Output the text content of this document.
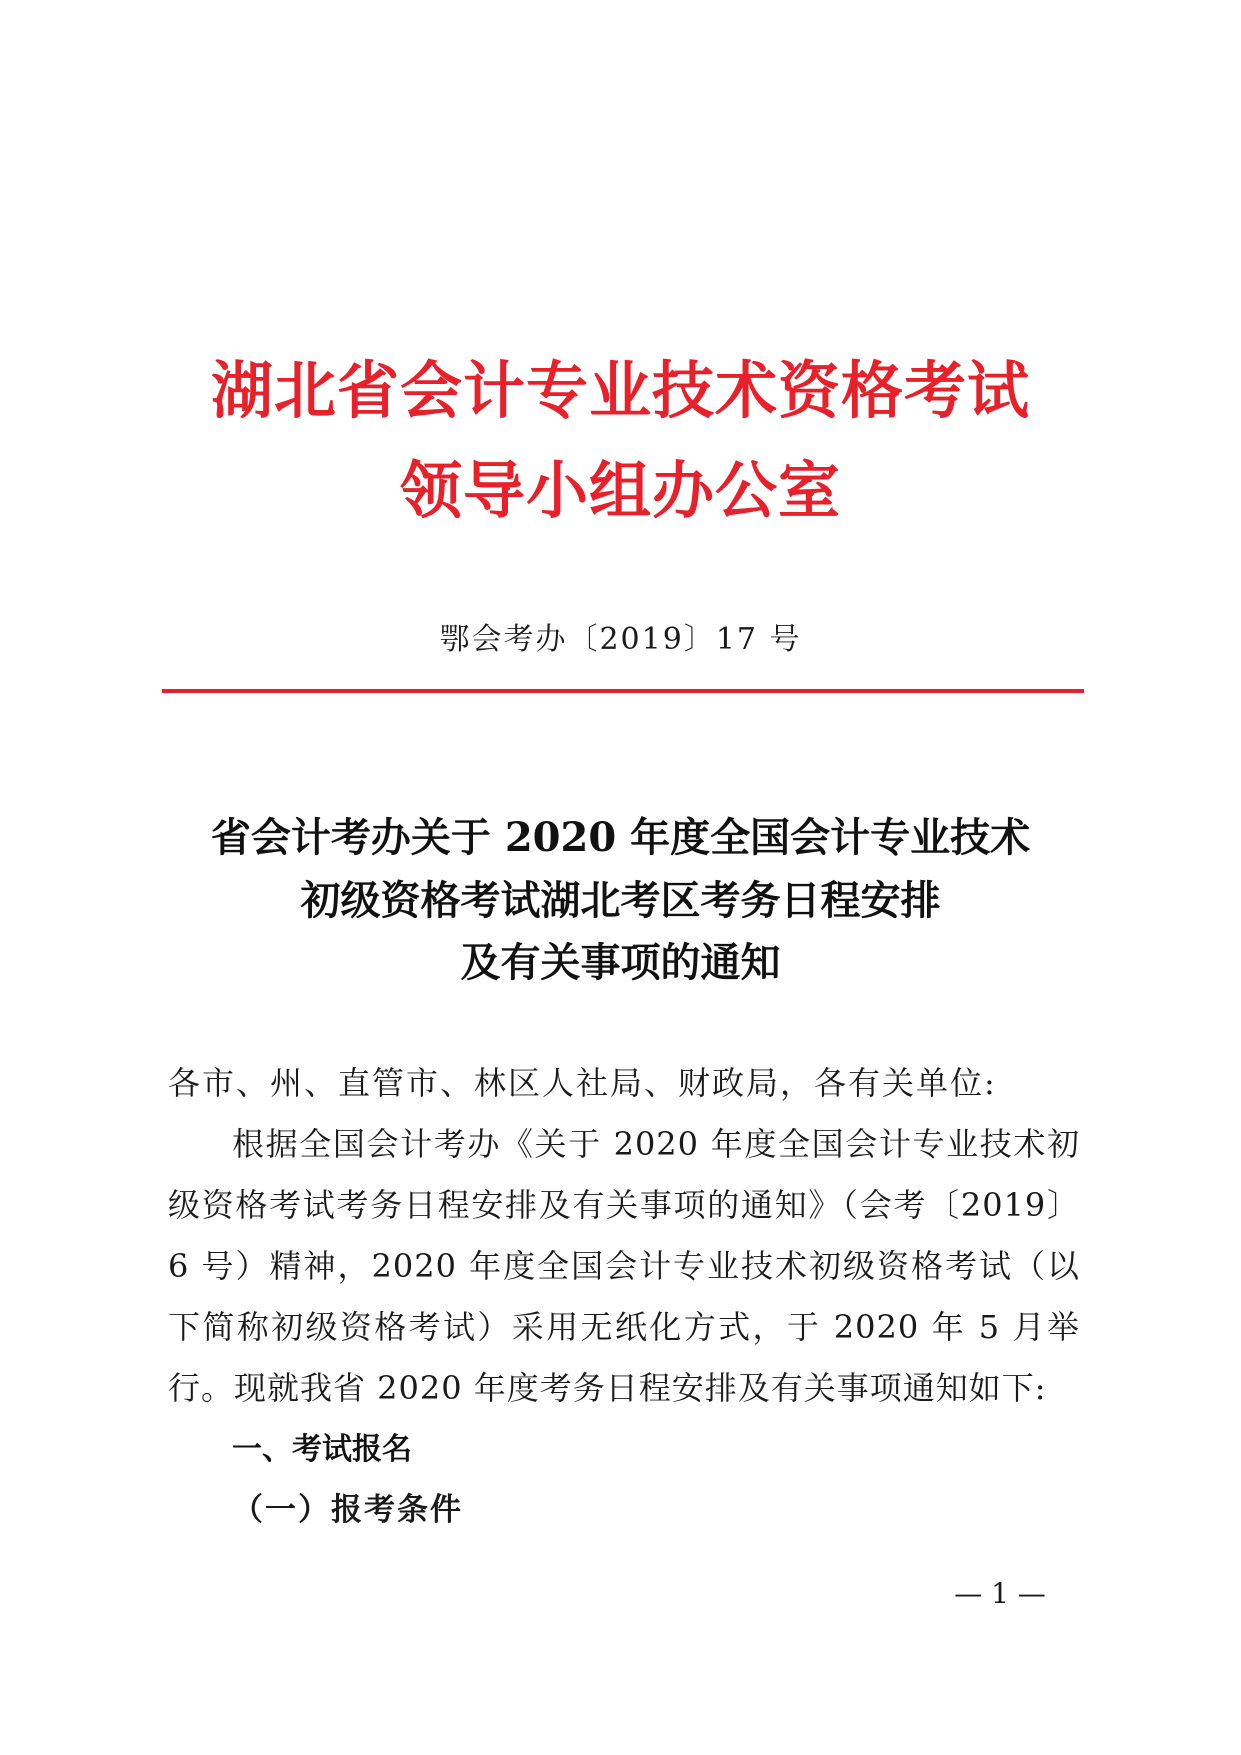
湖北省会计专业技术资格考试
领导小组办公室
鄂会考办〔2019〕17 号
省会计考办关于 2020 年度全国会计专业技术
初级资格考试湖北考区考务日程安排
及有关事项的通知

各市、州、直管市、林区人社局、财政局，各有关单位:

根据全国会计考办《关于 2020 年度全国会计专业技术初级资格考试考务日程安排及有关事项的通知》（会考〔2019〕6 号）精神，2020 年度全国会计专业技术初级资格考试（以下简称初级资格考试）采用无纸化方式，于 2020 年 5 月举行。现就我省 2020 年度考务日程安排及有关事项通知如下:

一、考试报名
（一）报考条件
— 1 —
